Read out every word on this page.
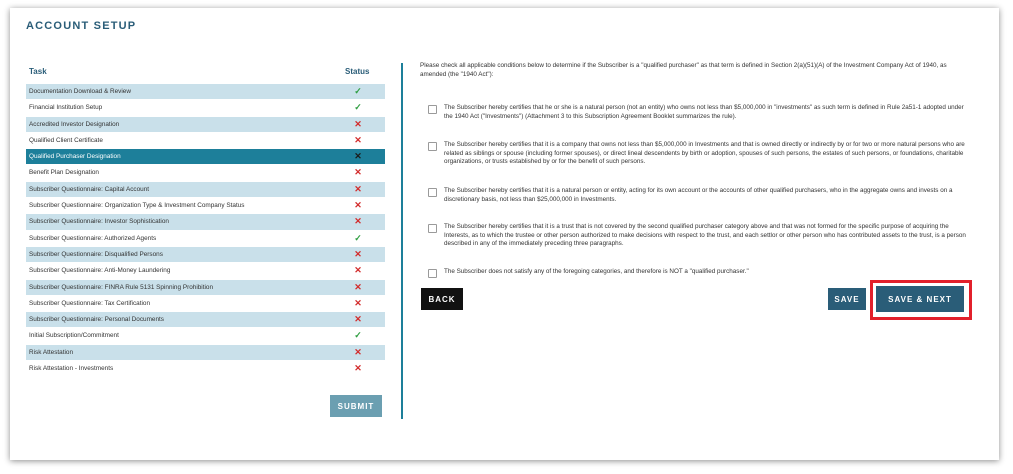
ACCOUNT SETUP
Task	Status
Documentation Download & Review	✓
Financial Institution Setup	✓
Accredited Investor Designation	✕
Qualified Client Certificate	✕
Qualified Purchaser Designation	✕
Benefit Plan Designation	✕
Subscriber Questionnaire: Capital Account	✕
Subscriber Questionnaire: Organization Type & Investment Company Status	✕
Subscriber Questionnaire: Investor Sophistication	✕
Subscriber Questionnaire: Authorized Agents	✓
Subscriber Questionnaire: Disqualified Persons	✕
Subscriber Questionnaire: Anti-Money Laundering	✕
Subscriber Questionnaire: FINRA Rule 5131 Spinning Prohibition	✕
Subscriber Questionnaire: Tax Certification	✕
Subscriber Questionnaire: Personal Documents	✕
Initial Subscription/Commitment	✓
Risk Attestation	✕
Risk Attestation - Investments	✕
SUBMIT

Please check all applicable conditions below to determine if the Subscriber is a "qualified purchaser" as that term is defined in Section 2(a)(51)(A) of the Investment Company Act of 1940, as amended (the "1940 Act"):

The Subscriber hereby certifies that he or she is a natural person (not an entity) who owns not less than $5,000,000 in "investments" as such term is defined in Rule 2a51-1 adopted under the 1940 Act ("Investments") (Attachment 3 to this Subscription Agreement Booklet summarizes the rule).

The Subscriber hereby certifies that it is a company that owns not less than $5,000,000 in Investments and that is owned directly or indirectly by or for two or more natural persons who are related as siblings or spouse (including former spouses), or direct lineal descendents by birth or adoption, spouses of such persons, the estates of such persons, or foundations, charitable organizations, or trusts established by or for the benefit of such persons.

The Subscriber hereby certifies that it is a natural person or entity, acting for its own account or the accounts of other qualified purchasers, who in the aggregate owns and invests on a discretionary basis, not less than $25,000,000 in Investments.

The Subscriber hereby certifies that it is a trust that is not covered by the second qualified purchaser category above and that was not formed for the specific purpose of acquiring the Interests, as to which the trustee or other person authorized to make decisions with respect to the trust, and each settlor or other person who has contributed assets to the trust, is a person described in any of the immediately preceding three paragraphs.

The Subscriber does not satisfy any of the foregoing categories, and therefore is NOT a "qualified purchaser."

BACK	SAVE	SAVE & NEXT
